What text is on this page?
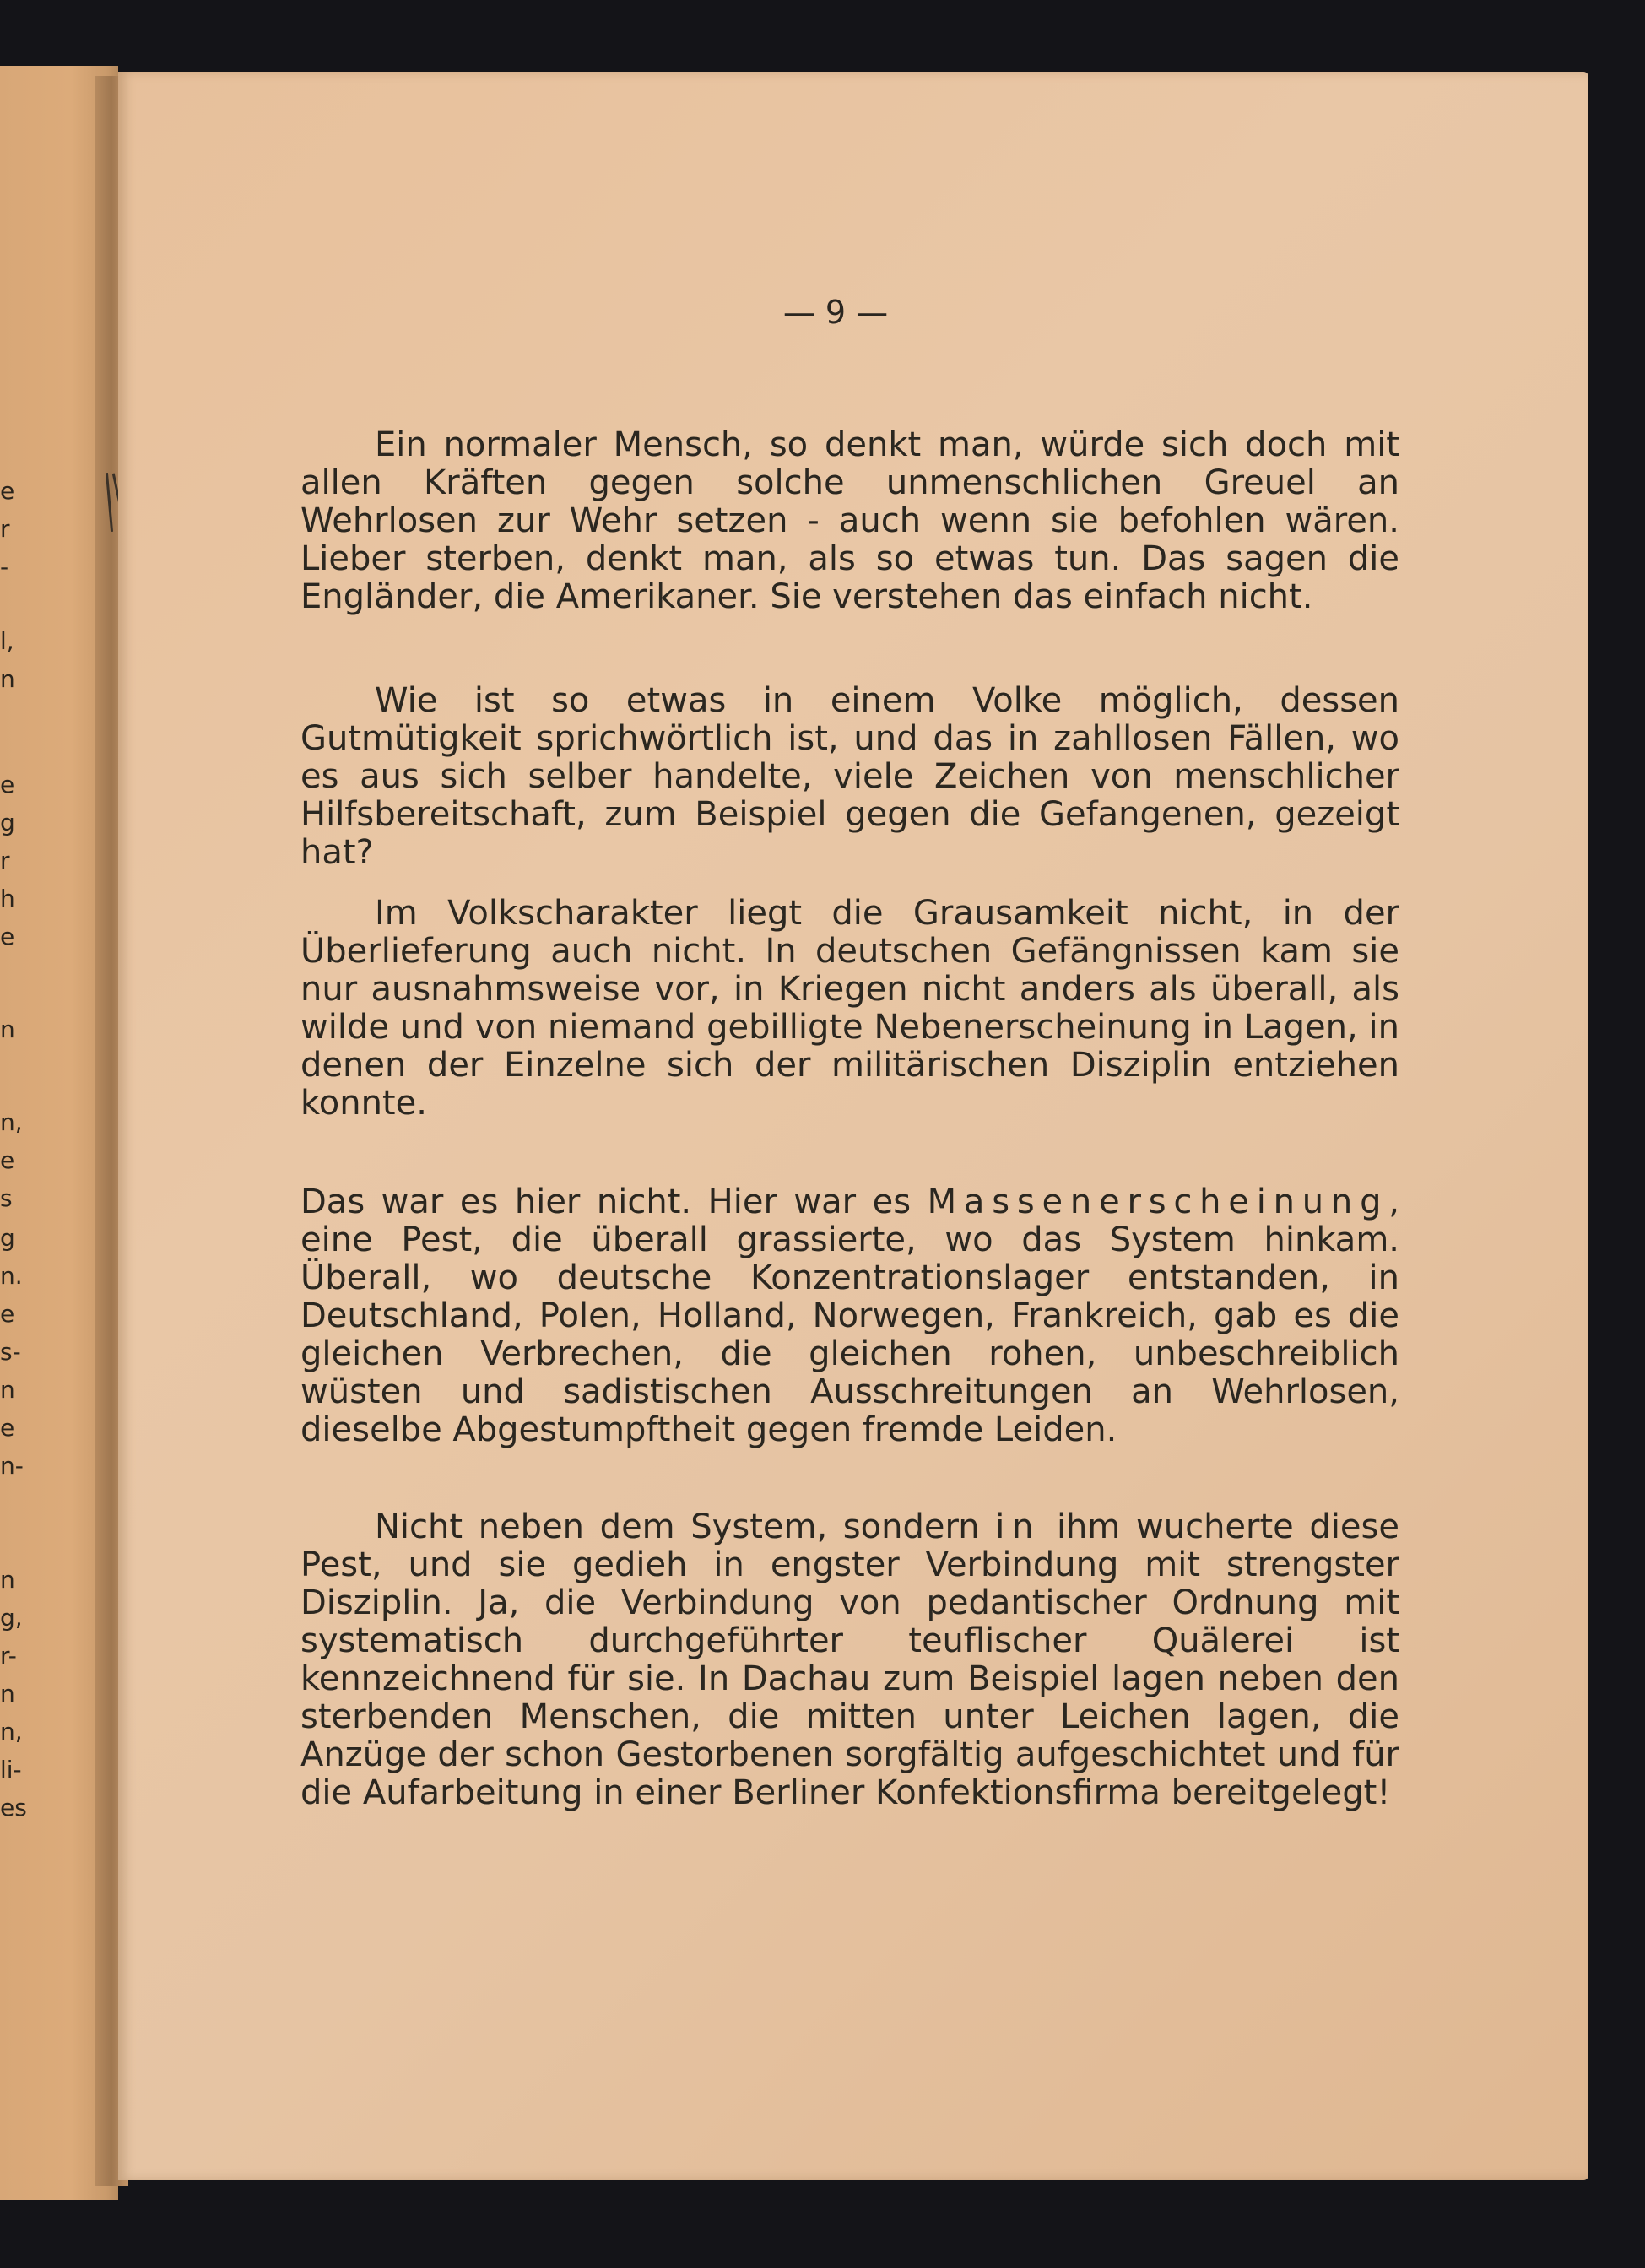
e
r
-
l,
n
e
g
r
h
e
n
n,
e
s
g
n.
e
s-
n
e
n-
n
g,
r-
n
n,
li-
es
— 9 —

Ein normaler Mensch, so denkt man, würde sich doch mit allen Kräften gegen solche unmenschlichen Greuel an Wehrlosen zur Wehr setzen - auch wenn sie befohlen wären. Lieber sterben, denkt man, als so etwas tun. Das sagen die Engländer, die Amerikaner. Sie verstehen das einfach nicht.

Wie ist so etwas in einem Volke möglich, dessen Gutmütigkeit sprichwörtlich ist, und das in zahllosen Fällen, wo es aus sich selber handelte, viele Zeichen von menschlicher Hilfsbereitschaft, zum Beispiel gegen die Gefangenen, gezeigt hat?

Im Volkscharakter liegt die Grausamkeit nicht, in der Überlieferung auch nicht. In deutschen Gefängnissen kam sie nur ausnahmsweise vor, in Kriegen nicht anders als überall, als wilde und von niemand gebilligte Nebenerscheinung in Lagen, in denen der Einzelne sich der militärischen Disziplin entziehen konnte.

Das war es hier nicht. Hier war es Massenerscheinung, eine Pest, die überall grassierte, wo das System hinkam. Überall, wo deutsche Konzentrationslager entstanden, in Deutschland, Polen, Holland, Norwegen, Frankreich, gab es die gleichen Verbrechen, die gleichen rohen, unbeschreiblich wüsten und sadistischen Ausschreitungen an Wehrlosen, dieselbe Abgestumpftheit gegen fremde Leiden.

Nicht neben dem System, sondern in ihm wucherte diese Pest, und sie gedieh in engster Verbindung mit strengster Disziplin. Ja, die Verbindung von pedantischer Ordnung mit systematisch durchgeführter teuflischer Quälerei ist kennzeichnend für sie. In Dachau zum Beispiel lagen neben den sterbenden Menschen, die mitten unter Leichen lagen, die Anzüge der schon Gestorbenen sorgfältig aufgeschichtet und für die Aufarbeitung in einer Berliner Konfektionsfirma bereitgelegt!
